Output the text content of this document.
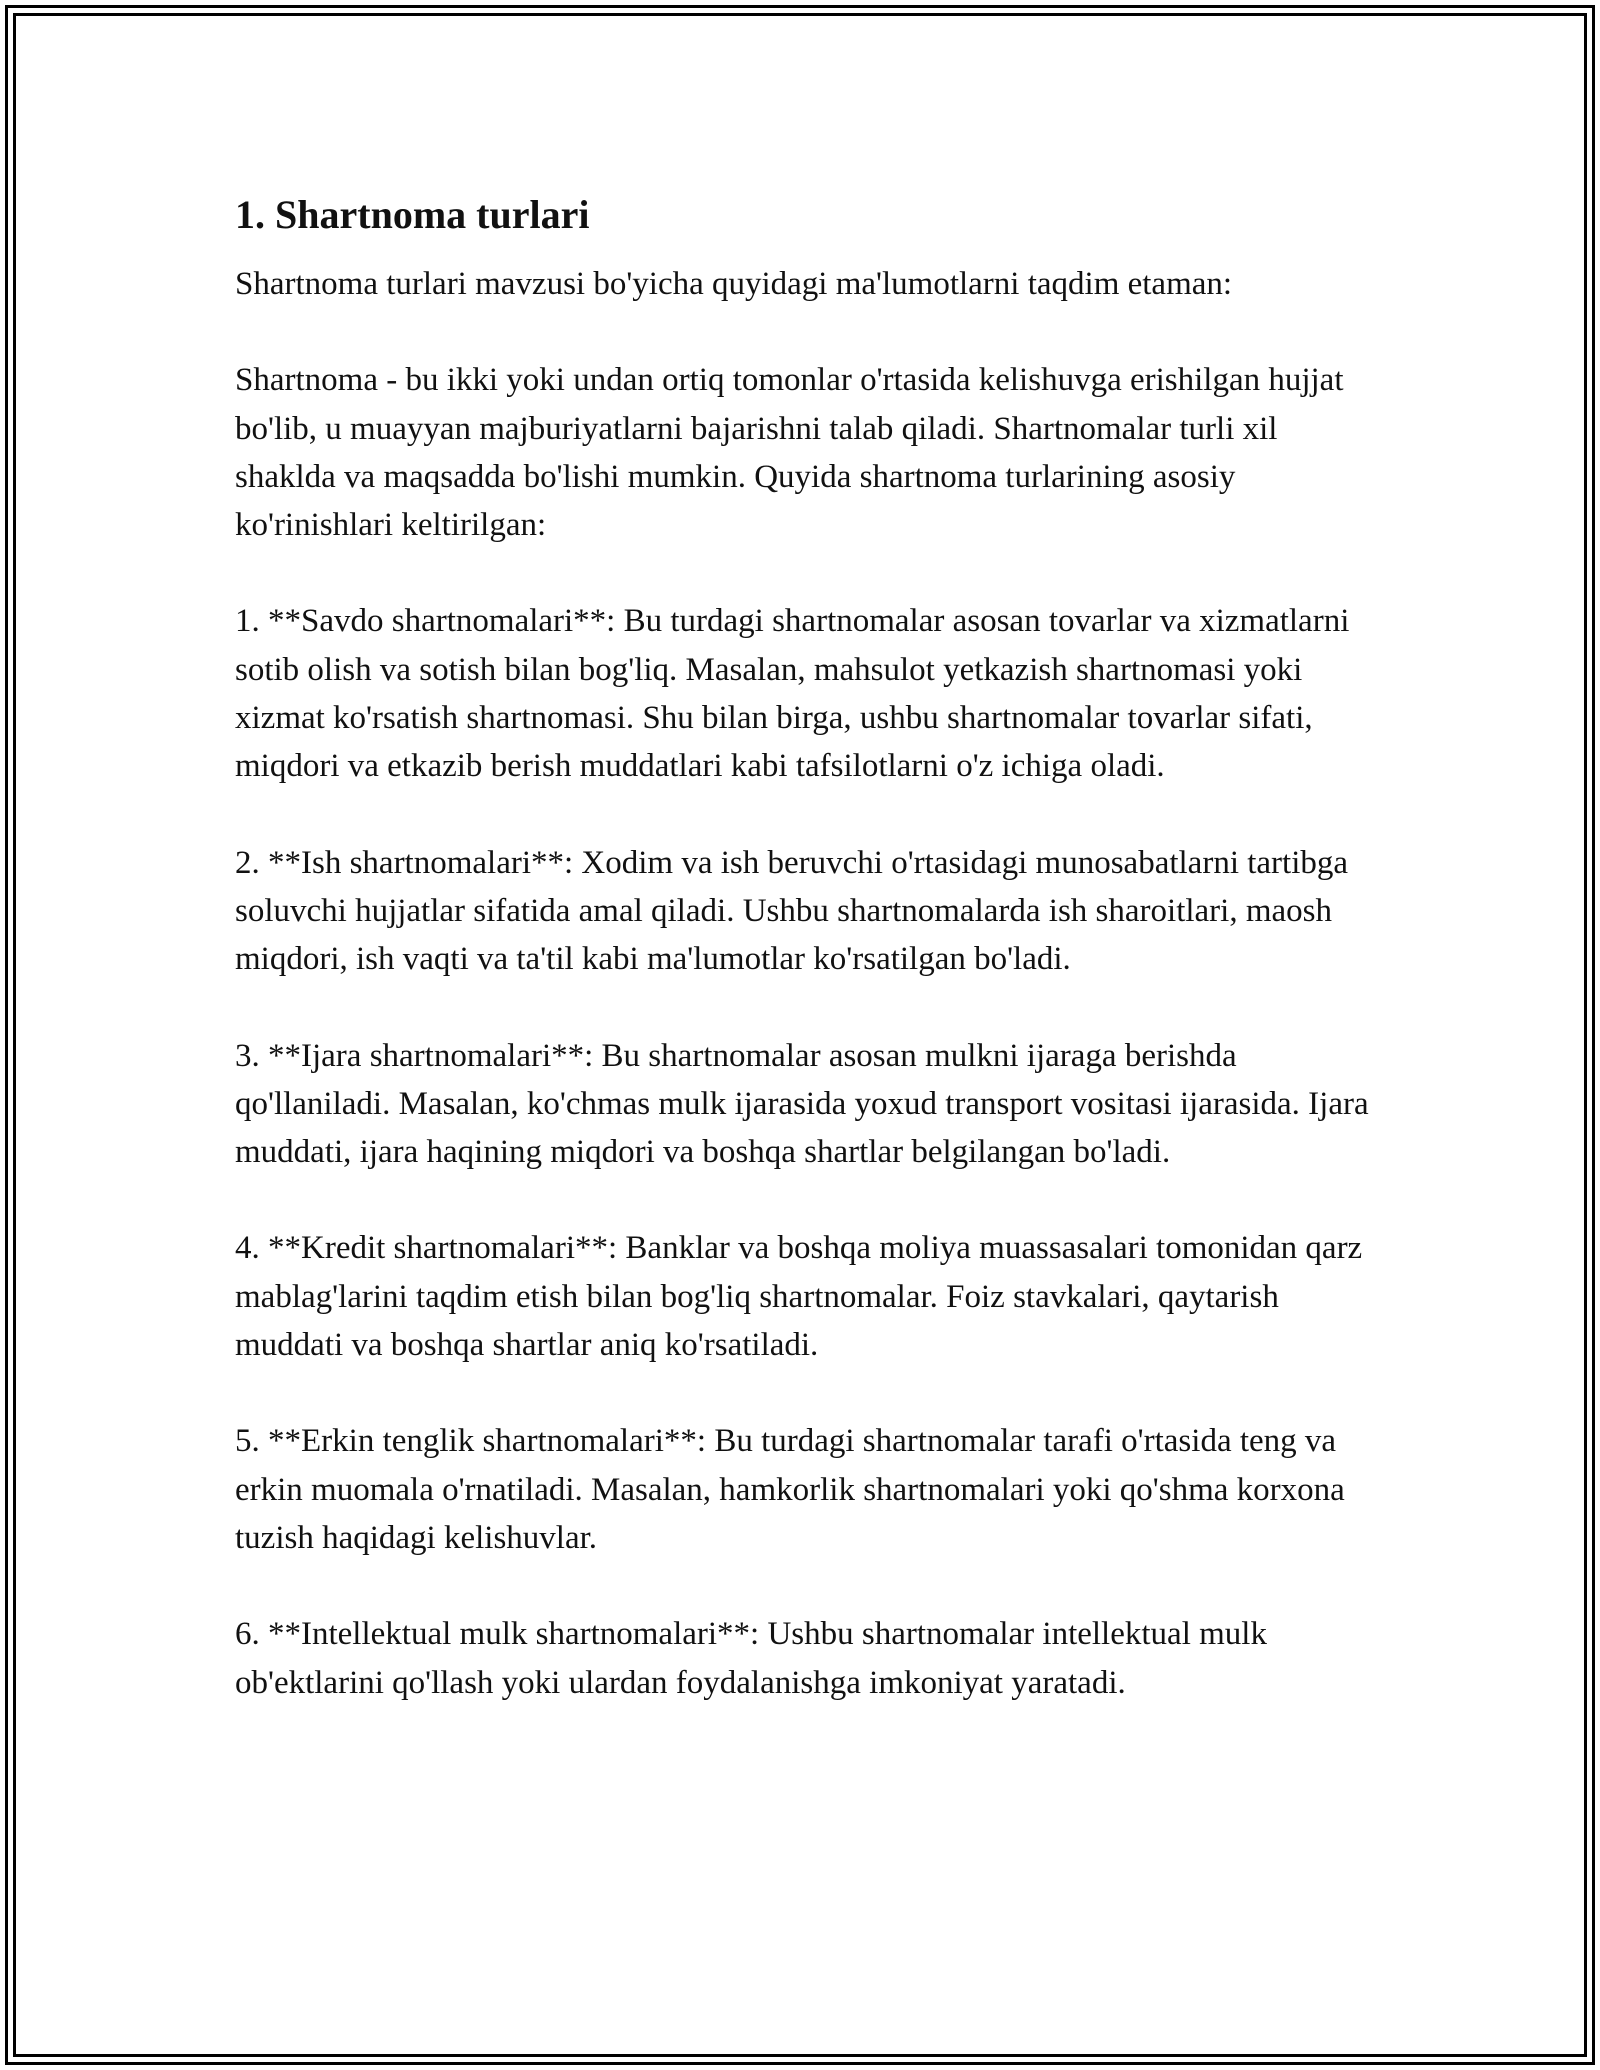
1. Shartnoma turlari

Shartnoma turlari mavzusi bo'yicha quyidagi ma'lumotlarni taqdim etaman:

Shartnoma - bu ikki yoki undan ortiq tomonlar o'rtasida kelishuvga erishilgan hujjat bo'lib, u muayyan majburiyatlarni bajarishni talab qiladi. Shartnomalar turli xil shaklda va maqsadda bo'lishi mumkin. Quyida shartnoma turlarining asosiy ko'rinishlari keltirilgan:

1. **Savdo shartnomalari**: Bu turdagi shartnomalar asosan tovarlar va xizmatlarni sotib olish va sotish bilan bog'liq. Masalan, mahsulot yetkazish shartnomasi yoki xizmat ko'rsatish shartnomasi. Shu bilan birga, ushbu shartnomalar tovarlar sifati, miqdori va etkazib berish muddatlari kabi tafsilotlarni o'z ichiga oladi.

2. **Ish shartnomalari**: Xodim va ish beruvchi o'rtasidagi munosabatlarni tartibga soluvchi hujjatlar sifatida amal qiladi. Ushbu shartnomalarda ish sharoitlari, maosh miqdori, ish vaqti va ta'til kabi ma'lumotlar ko'rsatilgan bo'ladi.

3. **Ijara shartnomalari**: Bu shartnomalar asosan mulkni ijaraga berishda qo'llaniladi. Masalan, ko'chmas mulk ijarasida yoxud transport vositasi ijarasida. Ijara muddati, ijara haqining miqdori va boshqa shartlar belgilangan bo'ladi.

4. **Kredit shartnomalari**: Banklar va boshqa moliya muassasalari tomonidan qarz mablag'larini taqdim etish bilan bog'liq shartnomalar. Foiz stavkalari, qaytarish muddati va boshqa shartlar aniq ko'rsatiladi.

5. **Erkin tenglik shartnomalari**: Bu turdagi shartnomalar tarafi o'rtasida teng va erkin muomala o'rnatiladi. Masalan, hamkorlik shartnomalari yoki qo'shma korxona tuzish haqidagi kelishuvlar.

6. **Intellektual mulk shartnomalari**: Ushbu shartnomalar intellektual mulk ob'ektlarini qo'llash yoki ulardan foydalanishga imkoniyat yaratadi.
